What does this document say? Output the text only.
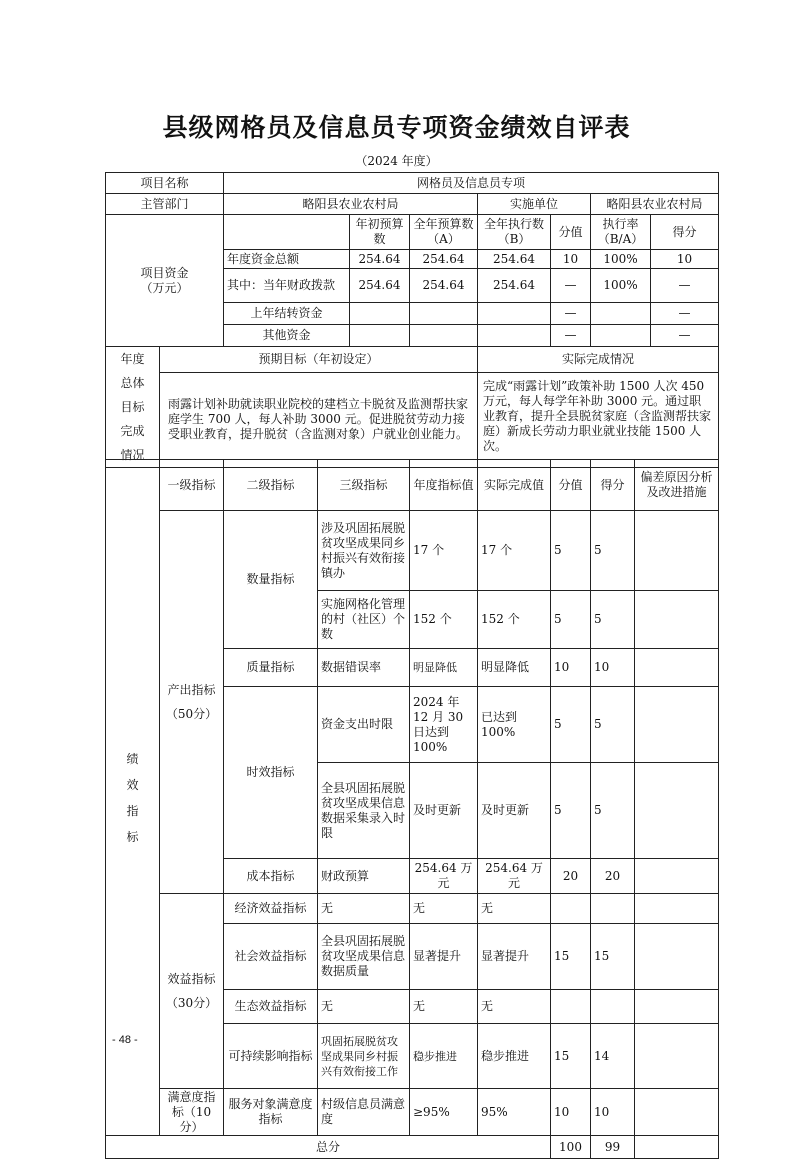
县级网格员及信息员专项资金绩效自评表
（2024 年度）
项目名称		网格员及信息员专项						
主管部门		略阳县农业农村局			实施单位		略阳县农业农村局	
项目资金（万元）			年初预算数	全年预算数（A）	全年执行数（B）	分值	执行率（B/A）	得分
		年度资金总额	254.64	254.64	254.64	10	100%	10
		其中：当年财政拨款	254.64	254.64	254.64	—	100%	—
		上年结转资金				—		—
		其他资金				—		—
年度总体目标完成情况	预期目标（年初设定）				实际完成情况			
	雨露计划补助就读职业院校的建档立卡脱贫及监测帮扶家庭学生 700 人，每人补助 3000 元。促进脱贫劳动力接受职业教育，提升脱贫（含监测对象）户就业创业能力。				完成“雨露计划”政策补助 1500 人次 450 万元，每人每学年补助 3000 元。通过职业教育，提升全县脱贫家庭（含监测帮扶家庭）新成长劳动力职业就业技能 1500 人次。			
绩效指标	一级指标	二级指标	三级指标	年度指标值	实际完成值	分值	得分	偏差原因分析及改进措施
	产出指标（50分）	数量指标	涉及巩固拓展脱贫攻坚成果同乡村振兴有效衔接镇办	17 个	17 个	5	5	
			实施网格化管理的村（社区）个数	152 个	152 个	5	5	
		质量指标	数据错误率	明显降低	明显降低	10	10	
		时效指标	资金支出时限	2024 年 12 月 30 日达到 100%	已达到 100%	5	5	
			全县巩固拓展脱贫攻坚成果信息数据采集录入时限	及时更新	及时更新	5	5	
		成本指标	财政预算	254.64 万元	254.64 万元	20	20	
	效益指标（30分）	经济效益指标	无	无	无			
		社会效益指标	全县巩固拓展脱贫攻坚成果信息数据质量	显著提升	显著提升	15	15	
		生态效益指标	无	无	无			
		可持续影响指标	巩固拓展脱贫攻坚成果同乡村振兴有效衔接工作	稳步推进	稳步推进	15	14	
	满意度指标（10分）	服务对象满意度指标	村级信息员满意度	≥95%	95%	10	10	
总分						100	99	
- 48 -
